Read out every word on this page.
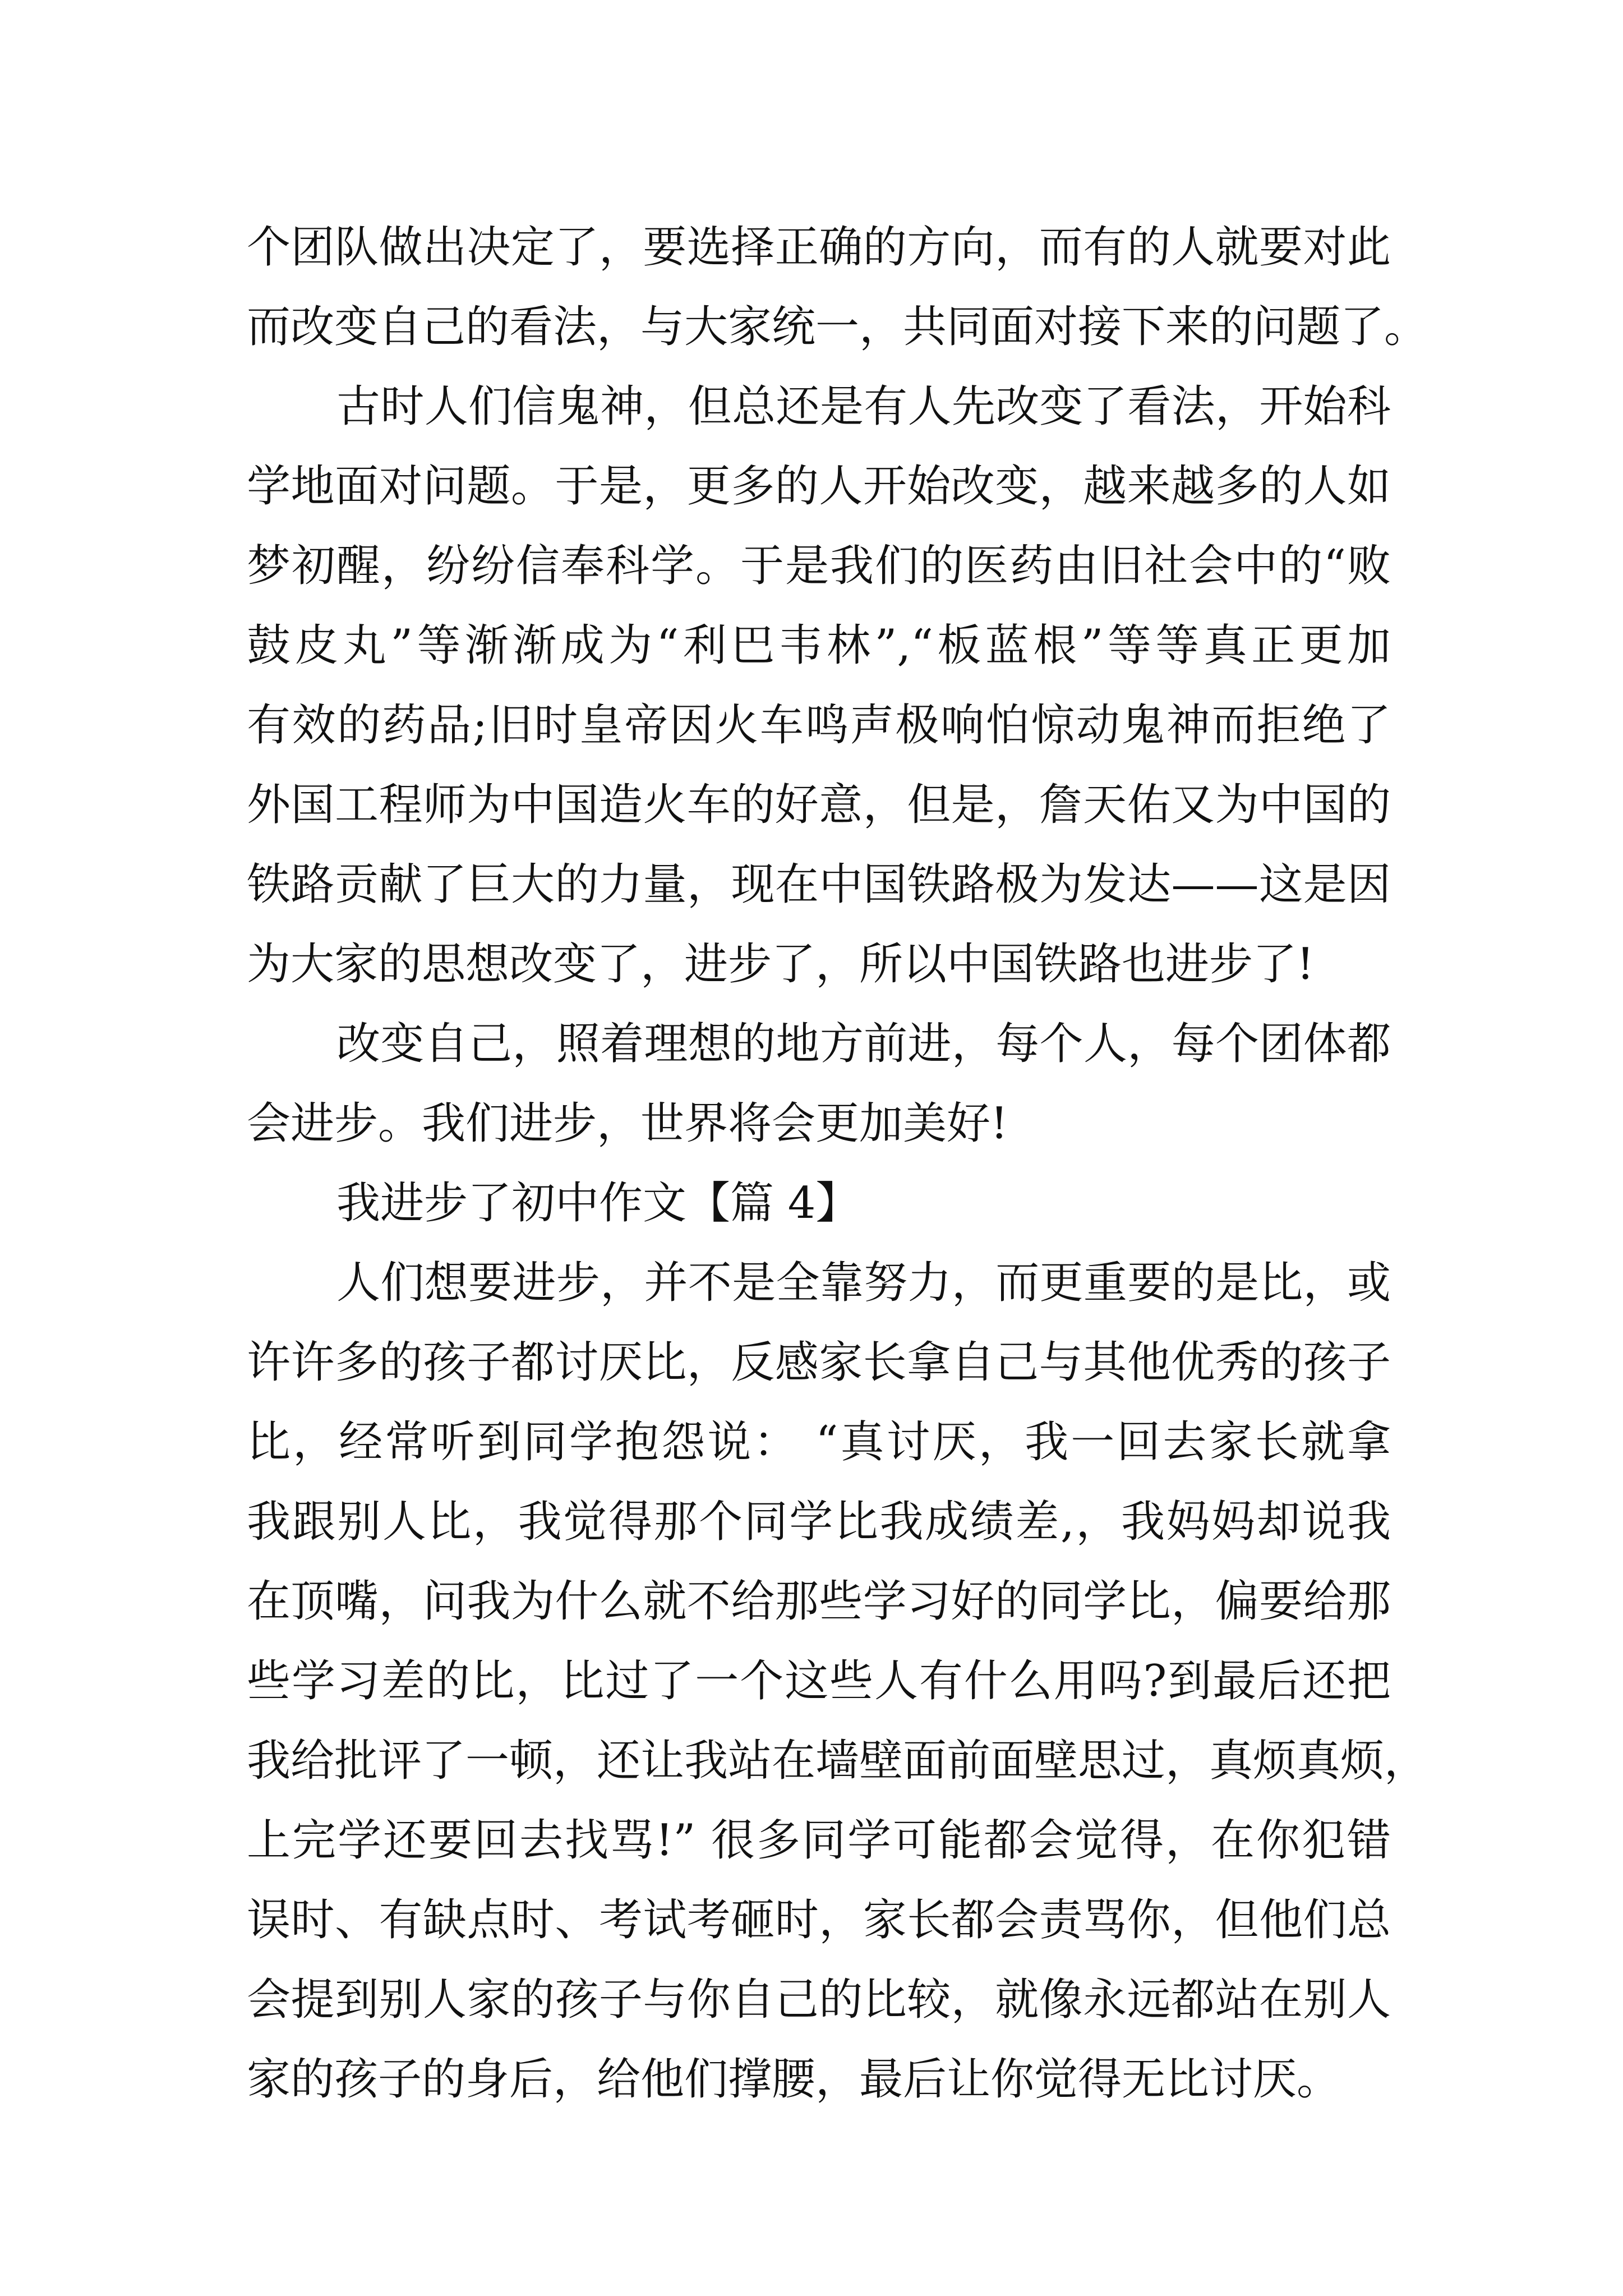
个团队做出决定了，要选择正确的方向，而有的人就要对此
而改变自己的看法，与大家统一，共同面对接下来的问题了。
古时人们信鬼神，但总还是有人先改变了看法，开始科
学地面对问题。于是，更多的人开始改变，越来越多的人如
梦初醒，纷纷信奉科学。于是我们的医药由旧社会中的“败
鼓皮丸”等渐渐成为“利巴韦林”,“板蓝根”等等真正更加
有效的药品;旧时皇帝因火车鸣声极响怕惊动鬼神而拒绝了
外国工程师为中国造火车的好意，但是，詹天佑又为中国的
铁路贡献了巨大的力量，现在中国铁路极为发达——这是因
为大家的思想改变了，进步了，所以中国铁路也进步了!
改变自己，照着理想的地方前进，每个人，每个团体都
会进步。我们进步，世界将会更加美好!
我进步了初中作文【篇 4】
人们想要进步，并不是全靠努力，而更重要的是比，或
许许多的孩子都讨厌比，反感家长拿自己与其他优秀的孩子
比，经常听到同学抱怨说： “真讨厌，我一回去家长就拿
我跟别人比，我觉得那个同学比我成绩差,，我妈妈却说我
在顶嘴，问我为什么就不给那些学习好的同学比，偏要给那
些学习差的比，比过了一个这些人有什么用吗?到最后还把
我给批评了一顿，还让我站在墙壁面前面壁思过，真烦真烦，
上完学还要回去找骂!” 很多同学可能都会觉得，在你犯错
误时、有缺点时、考试考砸时，家长都会责骂你，但他们总
会提到别人家的孩子与你自己的比较，就像永远都站在别人
家的孩子的身后，给他们撑腰，最后让你觉得无比讨厌。
